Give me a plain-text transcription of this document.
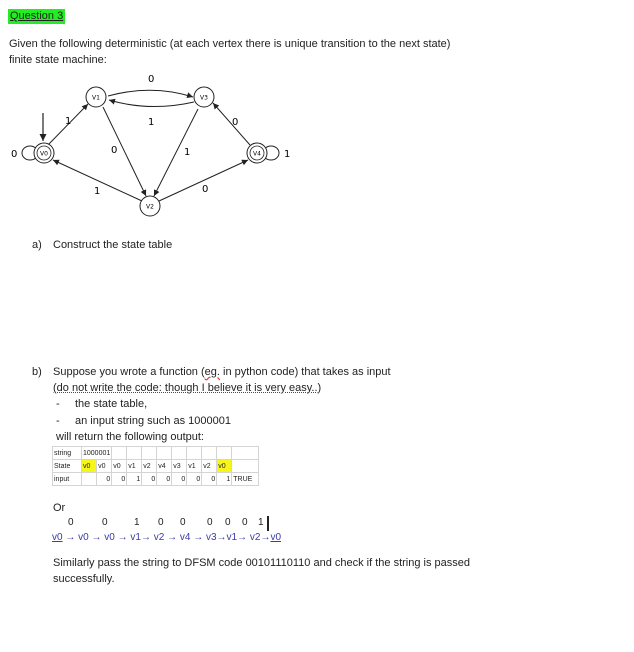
Question 3
Given the following deterministic (at each vertex there is unique transition to the next state)
finite state machine:
V0
V1
V2
V3
V4
0
0
1
1
0	1
1	0
0
1
a) Construct the state table
b) Suppose you wrote a function (eg. in python code) that takes as input
(do not write the code: though I believe it is very easy..)
- the state table,
- an input string such as 1000001
will return the following output:
string	1000001										
State	v0	v0	v0	v1	v2	v4	v3	v1	v2	v0	
input		0	0	1	0	0	0	0	0	1	TRUE
Or
0	0	1 0 0 0 0 0 1
v0 → v0 → v0 → v1→ v2 → v4 → v3→v1→ v2→v0
Similarly pass the string to DFSM code 00101110110 and check if the string is passed
successfully.
